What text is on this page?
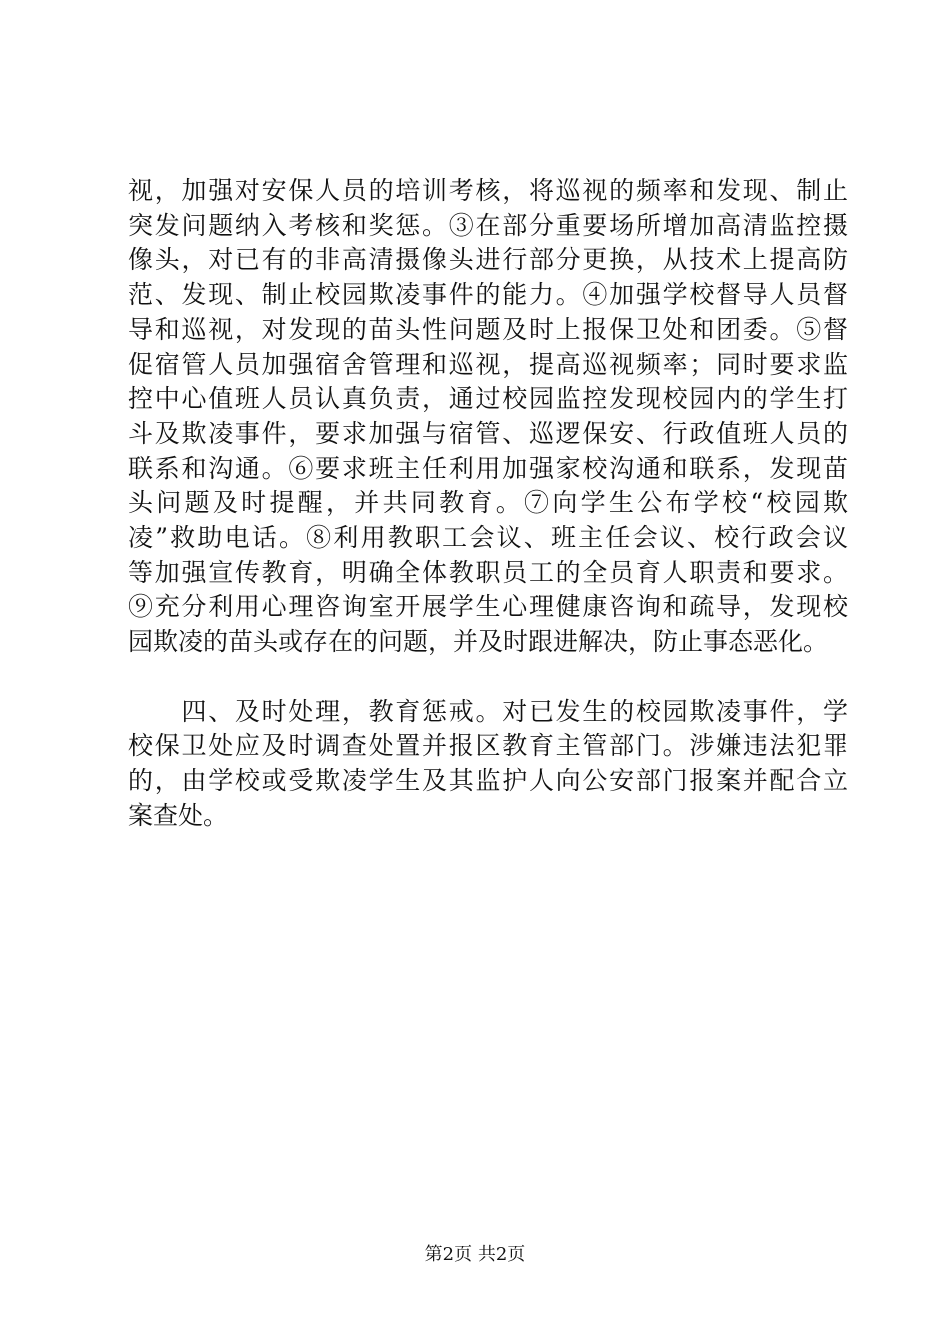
视，加强对安保人员的培训考核，将巡视的频率和发现、制止
突发问题纳入考核和奖惩。③在部分重要场所增加高清监控摄
像头，对已有的非高清摄像头进行部分更换，从技术上提高防
范、发现、制止校园欺凌事件的能力。④加强学校督导人员督
导和巡视，对发现的苗头性问题及时上报保卫处和团委。⑤督
促宿管人员加强宿舍管理和巡视，提高巡视频率；同时要求监
控中心值班人员认真负责，通过校园监控发现校园内的学生打
斗及欺凌事件，要求加强与宿管、巡逻保安、行政值班人员的
联系和沟通。⑥要求班主任利用加强家校沟通和联系，发现苗
头问题及时提醒，并共同教育。⑦向学生公布学校“校园欺
凌”救助电话。⑧利用教职工会议、班主任会议、校行政会议
等加强宣传教育，明确全体教职员工的全员育人职责和要求。
⑨充分利用心理咨询室开展学生心理健康咨询和疏导，发现校
园欺凌的苗头或存在的问题，并及时跟进解决，防止事态恶化。
　　四、及时处理，教育惩戒。对已发生的校园欺凌事件，学
校保卫处应及时调查处置并报区教育主管部门。涉嫌违法犯罪
的，由学校或受欺凌学生及其监护人向公安部门报案并配合立
案查处。
第2页 共2页
